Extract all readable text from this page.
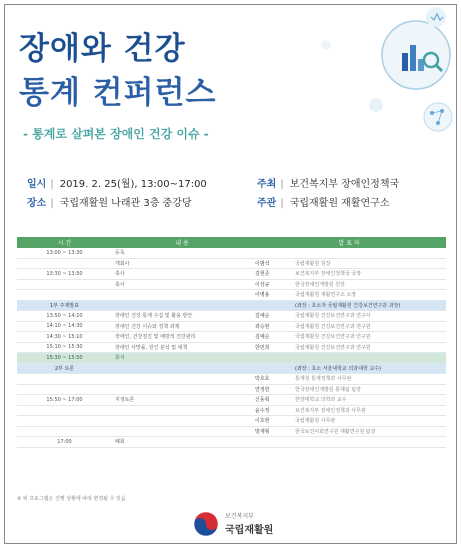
장애와 건강
통계 컨퍼런스
- 통계로 살펴본 장애인 건강 이슈 -
일시 | 2019. 2. 25(월), 13:00~17:00	주최 | 보건복지부 장애인정책국
장소 | 국립재활원 나래관 3층 중강당	주관 | 국립재활원 재활연구소
시 간	내 용	발 표 자	
13:00 ~ 13:30	등록		
	개회사	이범석	국립재활원 원장
13:30 ~ 13:50	축사	김현준	보건복지부 장애인정책국 국장
	축사	이상규	한국장애인개발원 원장
		이병용	국립재활원 재활연구소 소장
1부 주제발표			(좌장 : 호소자 국립재활원 건강보건연구과 과장)
13:50 ~ 14:10	장애인 건강 통계 수집 및 활용 방안	김예순	국립재활원 건강보건연구과 연구사
14:10 ~ 14:30	장애인 건강 이슈와 정책 과제	곽승현	국립재활원 건강보건연구과 연구원
14:30 ~ 15:10	장애인, 건강검진 및 예방적 건강관리	김예순	국립재활원 건강보건연구과 연구원
15:10 ~ 15:30	장애인 사망률, 원인 분석 및 대책	한민희	국립재활원 건강보건연구과 연구원
15:30 ~ 15:50	휴식		
2부 토론			(좌장 : 호소 서울대학교 의과대학 교수)
		박호호	통계청 통계정책과 사무관
		연정헌	한국장애인개발원 통계팀 팀장
15:50 ~ 17:00	지정토론	신동혁	한양대학교 의학과 교수
		윤수정	보건복지부 장애인정책과 사무관
		이호현	국립재활원 사무관
		방재형	한국보건사회연구원 재활연구원 팀장
17:00	폐회		
※ 위 프로그램은 진행 상황에 따라 변경될 수 있음
보건복지부
국립재활원
